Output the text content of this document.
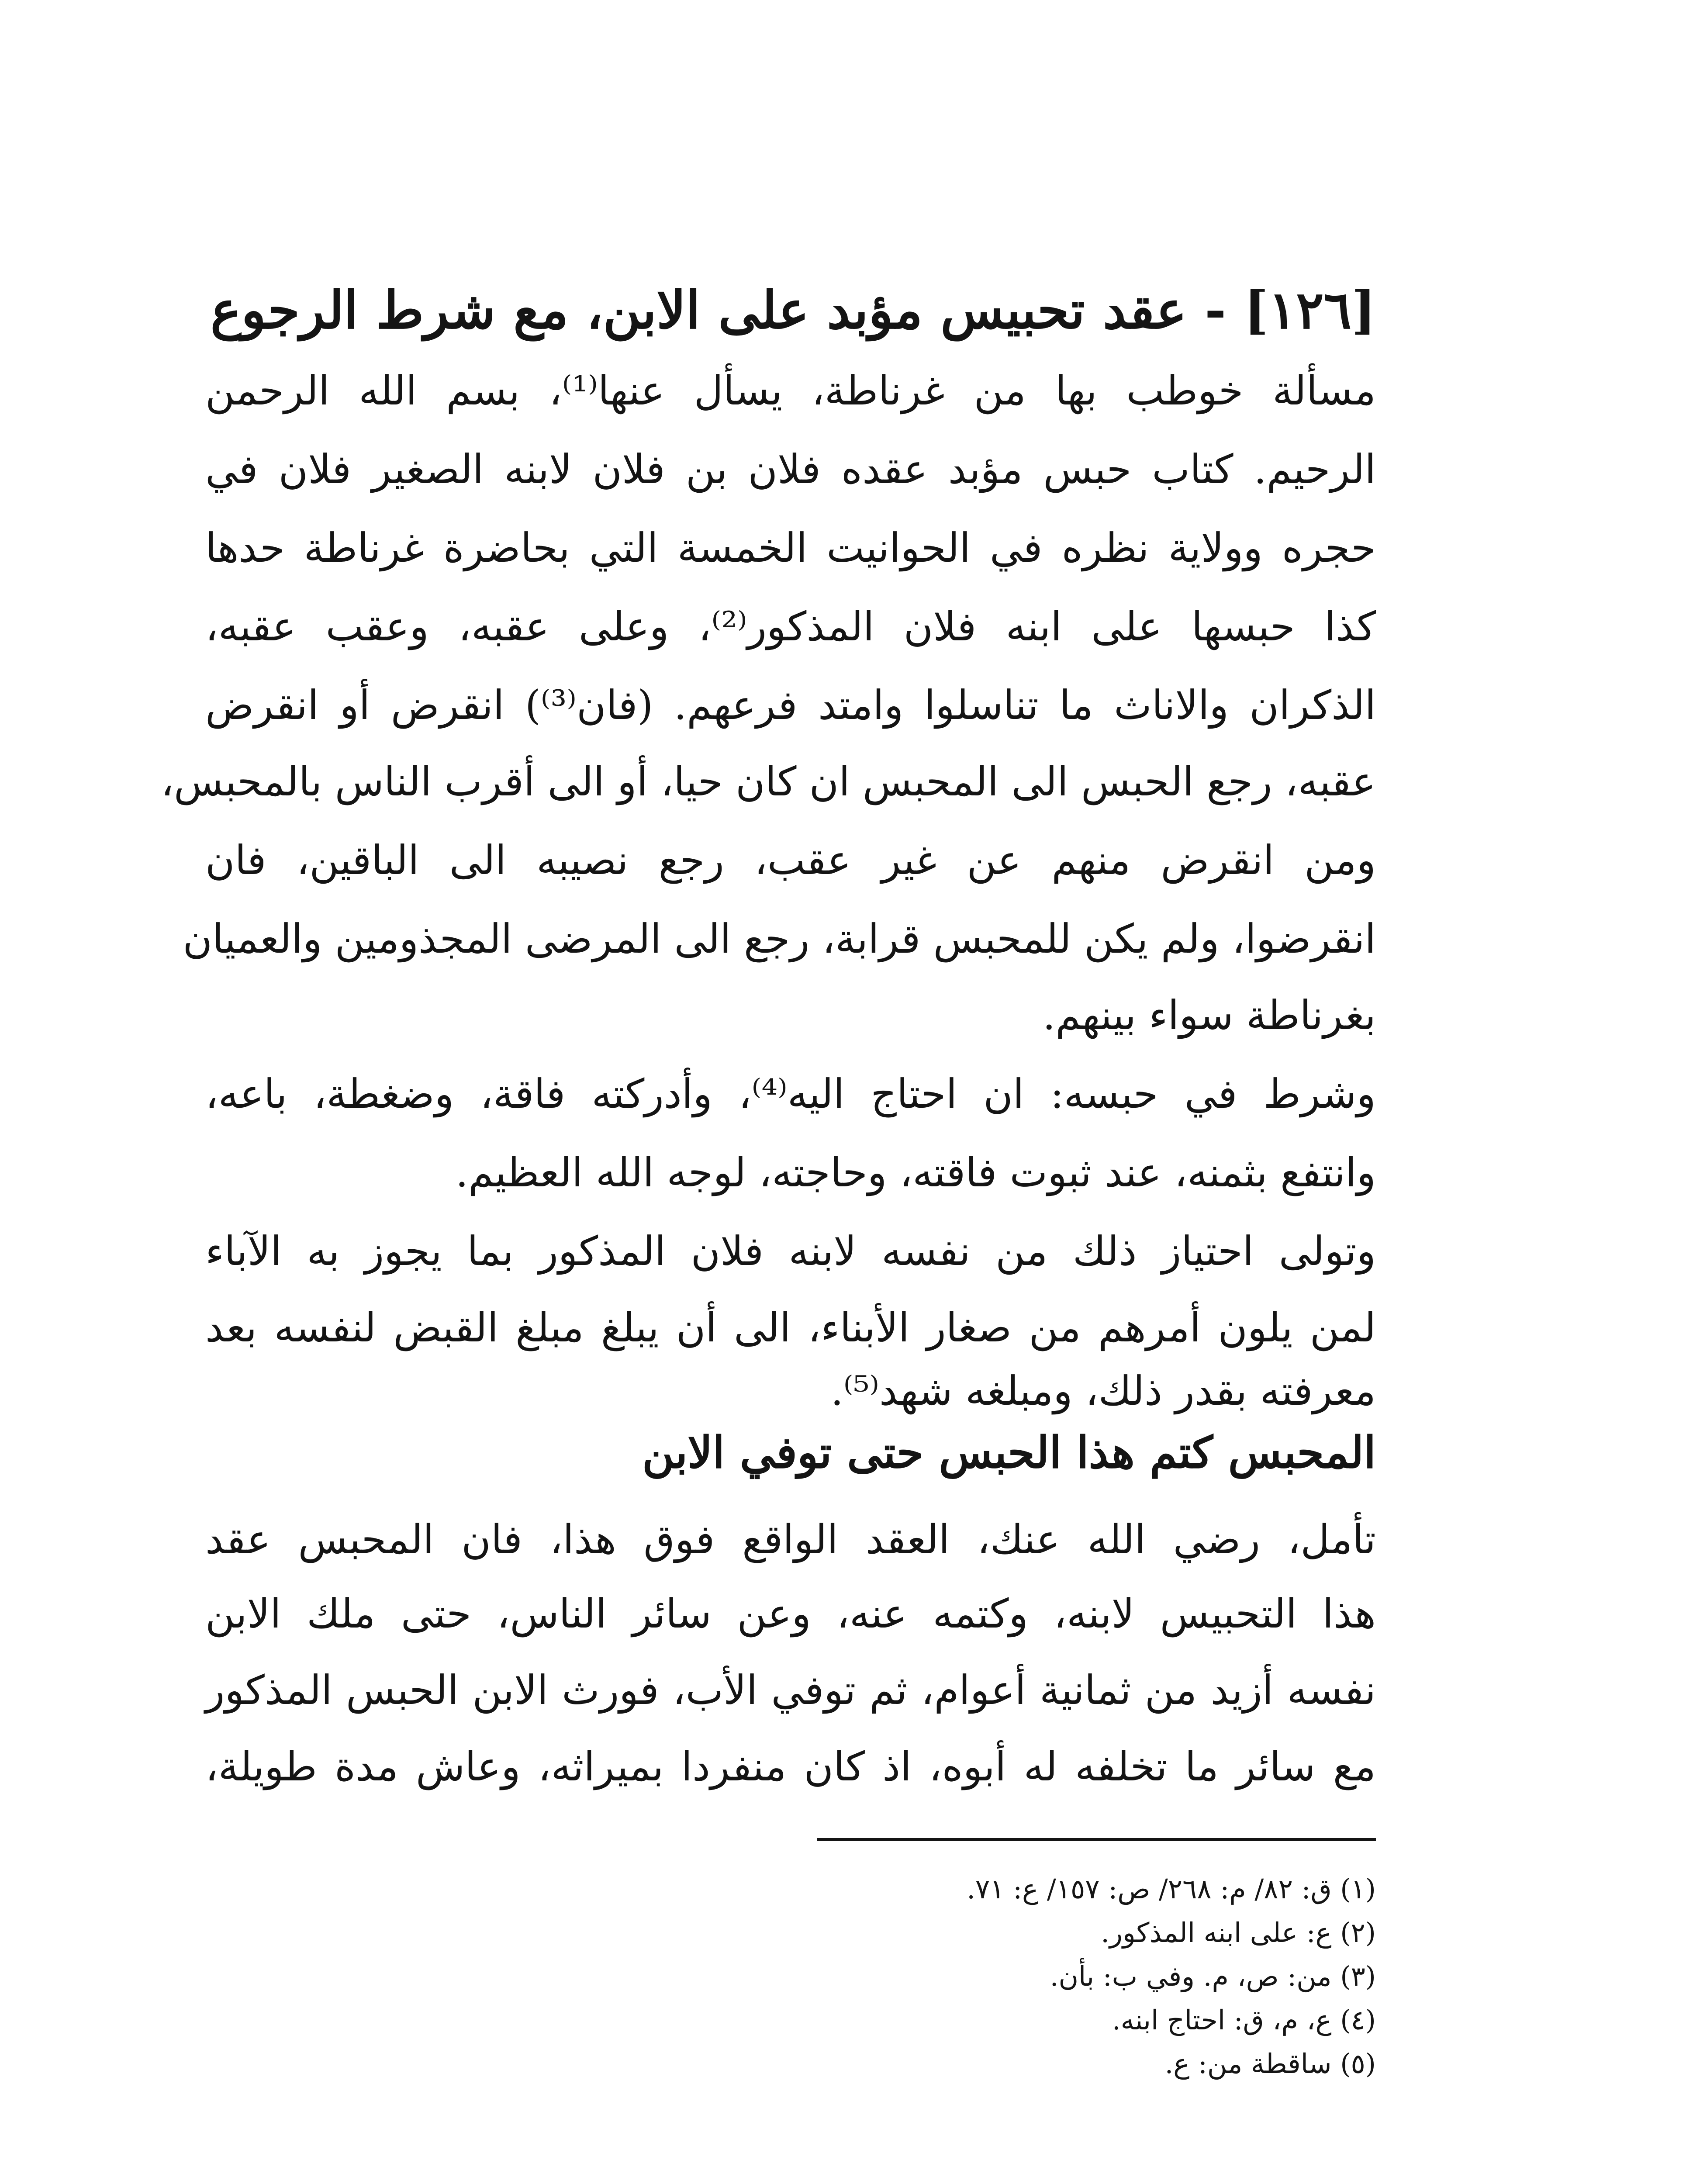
[١٢٦] - عقد تحبيس مؤبد على الابن، مع شرط الرجوع
مسألة خوطب بها من غرناطة، يسأل عنها⁽¹⁾، بسم الله الرحمن
الرحيم. كتاب حبس مؤبد عقده فلان بن فلان لابنه الصغير فلان في
حجره وولاية نظره في الحوانيت الخمسة التي بحاضرة غرناطة حدها
كذا حبسها على ابنه فلان المذكور⁽²⁾، وعلى عقبه، وعقب عقبه،
الذكران والاناث ما تناسلوا وامتد فرعهم. (فان⁽³⁾) انقرض أو انقرض
عقبه، رجع الحبس الى المحبس ان كان حيا، أو الى أقرب الناس بالمحبس،
ومن انقرض منهم عن غير عقب، رجع نصيبه الى الباقين، فان
انقرضوا، ولم يكن للمحبس قرابة، رجع الى المرضى المجذومين والعميان
بغرناطة سواء بينهم.
وشرط في حبسه: ان احتاج اليه⁽⁴⁾، وأدركته فاقة، وضغطة، باعه،
وانتفع بثمنه، عند ثبوت فاقته، وحاجته، لوجه الله العظيم.
وتولى احتياز ذلك من نفسه لابنه فلان المذكور بما يجوز به الآباء
لمن يلون أمرهم من صغار الأبناء، الى أن يبلغ مبلغ القبض لنفسه بعد
معرفته بقدر ذلك، ومبلغه شهد⁽⁵⁾.
المحبس كتم هذا الحبس حتى توفي الابن
تأمل، رضي الله عنك، العقد الواقع فوق هذا، فان المحبس عقد
هذا التحبيس لابنه، وكتمه عنه، وعن سائر الناس، حتى ملك الابن
نفسه أزيد من ثمانية أعوام، ثم توفي الأب، فورث الابن الحبس المذكور
مع سائر ما تخلفه له أبوه، اذ كان منفردا بميراثه، وعاش مدة طويلة،
(١) ق: ٨٢/ م: ٢٦٨/ ص: ١٥٧/ ع: ٧١.
(٢) ع: على ابنه المذكور.
(٣) من: ص، م. وفي ب: بأن.
(٤) ع، م، ق: احتاج ابنه.
(٥) ساقطة من: ع.
